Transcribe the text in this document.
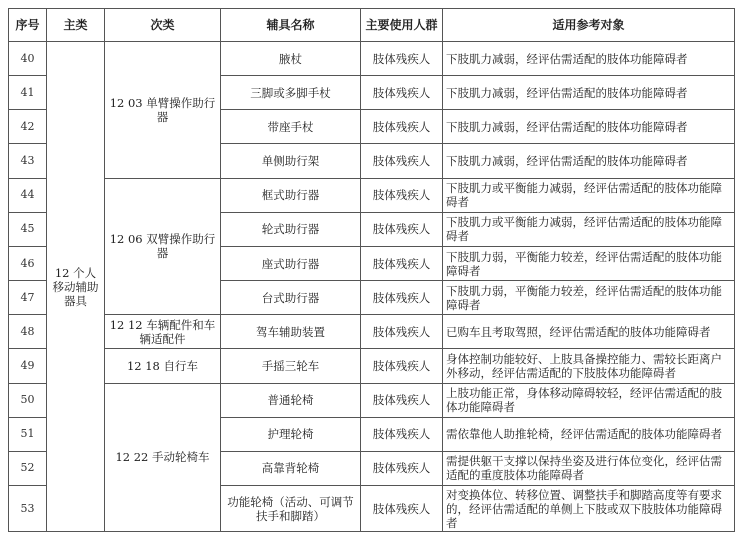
序号	主类	次类	辅具名称	主要使用人群	适用参考对象
40	12 个人移动辅助器具	12 03 单臂操作助行器	腋杖	肢体残疾人	下肢肌力减弱，经评估需适配的肢体功能障碍者
41			三脚或多脚手杖	肢体残疾人	下肢肌力减弱，经评估需适配的肢体功能障碍者
42			带座手杖	肢体残疾人	下肢肌力减弱，经评估需适配的肢体功能障碍者
43			单侧助行架	肢体残疾人	下肢肌力减弱，经评估需适配的肢体功能障碍者
44		12 06 双臂操作助行器	框式助行器	肢体残疾人	下肢肌力或平衡能力减弱，经评估需适配的肢体功能障碍者
45			轮式助行器	肢体残疾人	下肢肌力或平衡能力减弱，经评估需适配的肢体功能障碍者
46			座式助行器	肢体残疾人	下肢肌力弱，平衡能力较差，经评估需适配的肢体功能障碍者
47			台式助行器	肢体残疾人	下肢肌力弱，平衡能力较差，经评估需适配的肢体功能障碍者
48		12 12 车辆配件和车辆适配件	驾车辅助装置	肢体残疾人	已购车且考取驾照，经评估需适配的肢体功能障碍者
49		12 18 自行车	手摇三轮车	肢体残疾人	身体控制功能较好、上肢具备操控能力、需较长距离户外移动，经评估需适配的下肢肢体功能障碍者
50		12 22 手动轮椅车	普通轮椅	肢体残疾人	上肢功能正常，身体移动障碍较轻，经评估需适配的肢体功能障碍者
51			护理轮椅	肢体残疾人	需依靠他人助推轮椅，经评估需适配的肢体功能障碍者
52			高靠背轮椅	肢体残疾人	需提供躯干支撑以保持坐姿及进行体位变化，经评估需适配的重度肢体功能障碍者
53			功能轮椅（活动、可调节扶手和脚踏）	肢体残疾人	对变换体位、转移位置、调整扶手和脚踏高度等有要求的，经评估需适配的单侧上下肢或双下肢肢体功能障碍者
